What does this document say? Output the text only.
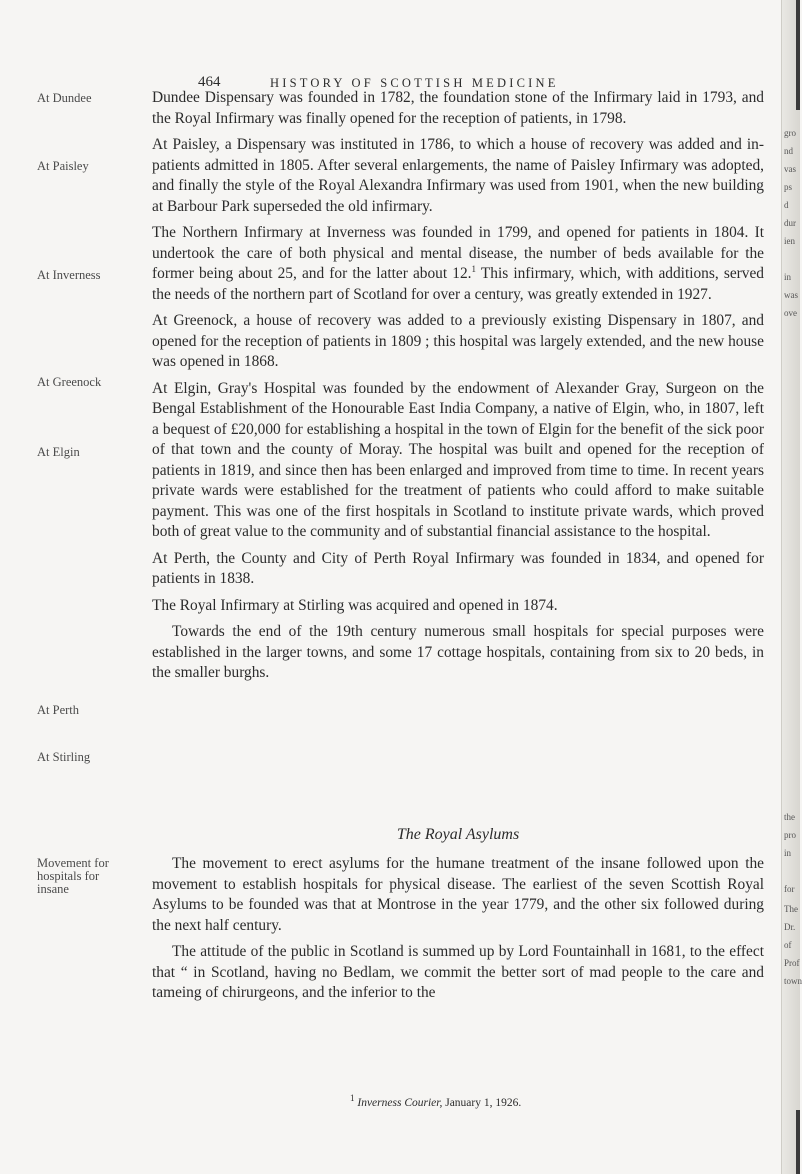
464	HISTORY OF SCOTTISH MEDICINE
At Dundee
At Paisley
At Inverness
At Greenock
At Elgin
At Perth
At Stirling
Movement for hospitals for insane

Dundee Dispensary was founded in 1782, the foundation stone of the Infirmary laid in 1793, and the Royal Infirmary was finally opened for the reception of patients, in 1798.

At Paisley, a Dispensary was instituted in 1786, to which a house of recovery was added and in-patients admitted in 1805. After several enlargements, the name of Paisley Infirmary was adopted, and finally the style of the Royal Alexandra Infirmary was used from 1901, when the new building at Barbour Park superseded the old infirmary.

The Northern Infirmary at Inverness was founded in 1799, and opened for patients in 1804. It undertook the care of both physical and mental disease, the number of beds available for the former being about 25, and for the latter about 12.$^1$ This infirmary, which, with additions, served the needs of the northern part of Scotland for over a century, was greatly extended in 1927.

At Greenock, a house of recovery was added to a previously existing Dispensary in 1807, and opened for the reception of patients in 1809 ; this hospital was largely extended, and the new house was opened in 1868.

At Elgin, Gray's Hospital was founded by the endowment of Alexander Gray, Surgeon on the Bengal Establishment of the Honourable East India Company, a native of Elgin, who, in 1807, left a bequest of £20,000 for establishing a hospital in the town of Elgin for the benefit of the sick poor of that town and the county of Moray. The hospital was built and opened for the reception of patients in 1819, and since then has been enlarged and improved from time to time. In recent years private wards were established for the treatment of patients who could afford to make suitable payment. This was one of the first hospitals in Scotland to institute private wards, which proved both of great value to the community and of substantial financial assistance to the hospital.

At Perth, the County and City of Perth Royal Infirmary was founded in 1834, and opened for patients in 1838.

The Royal Infirmary at Stirling was acquired and opened in 1874.

Towards the end of the 19th century numerous small hospitals for special purposes were established in the larger towns, and some 17 cottage hospitals, containing from six to 20 beds, in the smaller burghs.

The Royal Asylums

The movement to erect asylums for the humane treatment of the insane followed upon the movement to establish hospitals for physical disease. The earliest of the seven Scottish Royal Asylums to be founded was that at Montrose in the year 1779, and the other six followed during the next half century.

The attitude of the public in Scotland is summed up by Lord Fountainhall in 1681, to the effect that “ in Scotland, having no Bedlam, we commit the better sort of mad people to the care and tameing of chirurgeons, and the inferior to the

$^1$ Inverness Courier, January 1, 1926.
gro
nd
vas
ps
d
dur
ien
in
was
ove
the
pro
in
for
The
Dr.
of
Prof
town
